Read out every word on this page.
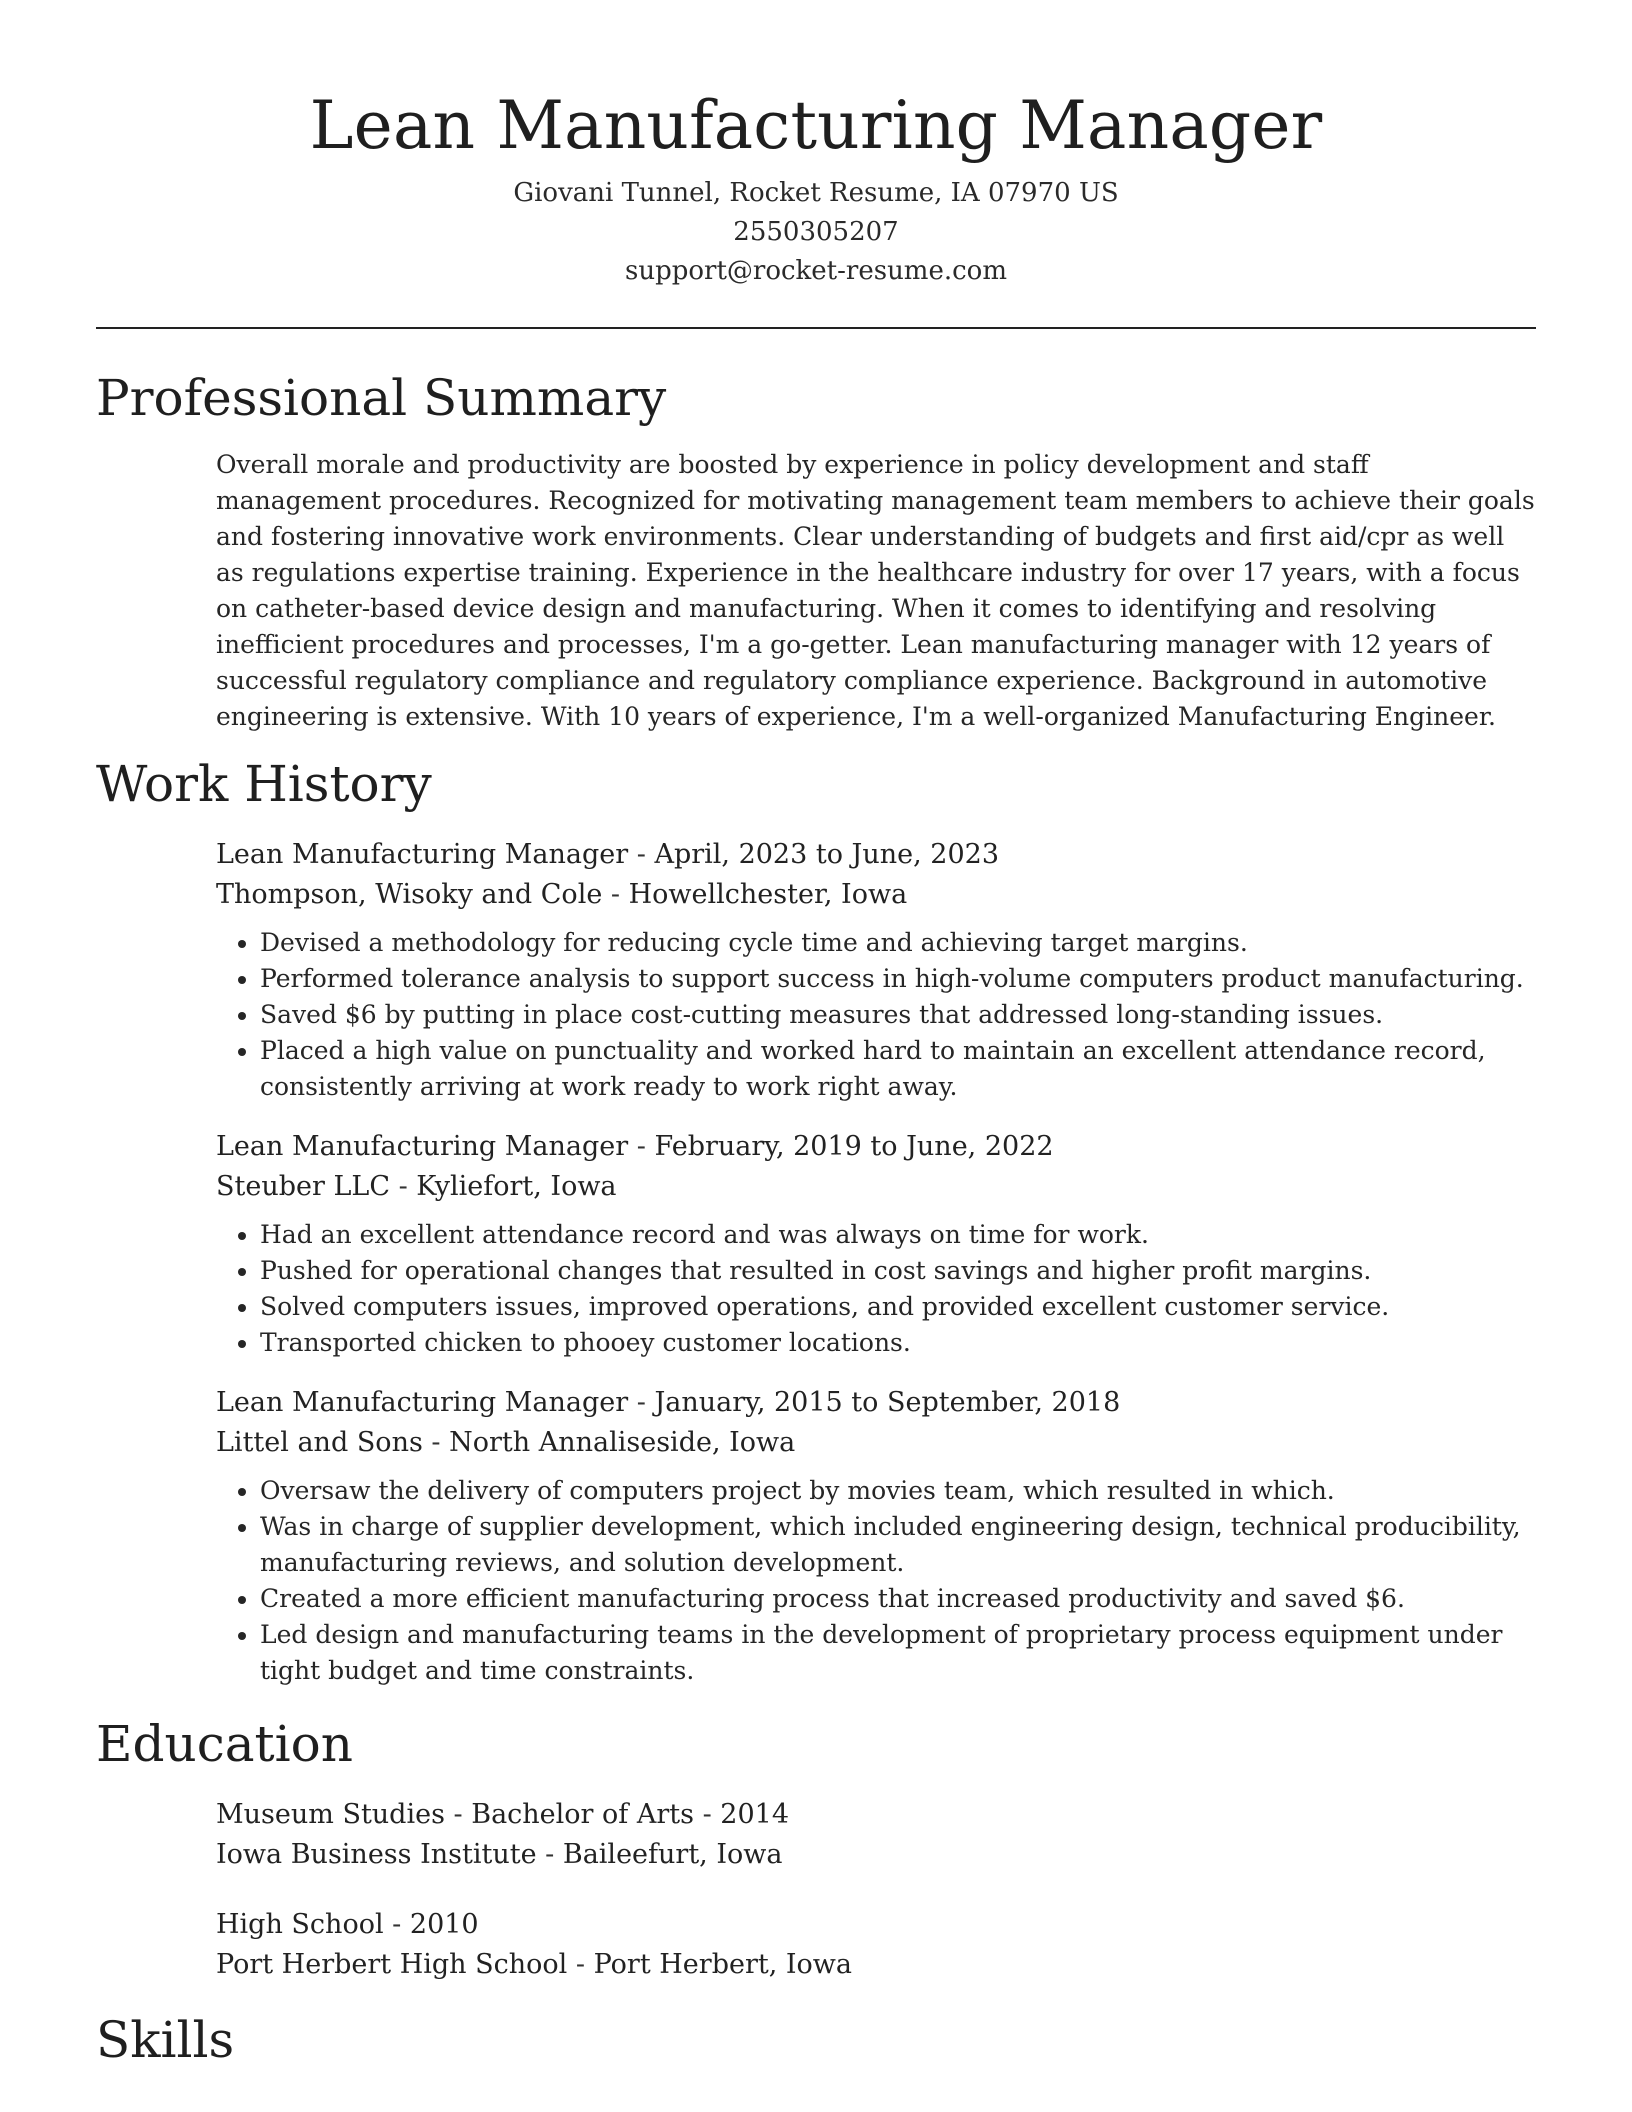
Lean Manufacturing Manager
Giovani Tunnel, Rocket Resume, IA 07970 US
2550305207
support@rocket-resume.com
Professional Summary

Overall morale and productivity are boosted by experience in policy development and staff management procedures. Recognized for motivating management team members to achieve their goals and fostering innovative work environments. Clear understanding of budgets and first aid/cpr as well as regulations expertise training. Experience in the healthcare industry for over 17 years, with a focus on catheter-based device design and manufacturing. When it comes to identifying and resolving inefficient procedures and processes, I'm a go-getter. Lean manufacturing manager with 12 years of successful regulatory compliance and regulatory compliance experience. Background in automotive engineering is extensive. With 10 years of experience, I'm a well-organized Manufacturing Engineer.

Work History
Lean Manufacturing Manager - April, 2023 to June, 2023
Thompson, Wisoky and Cole - Howellchester, Iowa
• Devised a methodology for reducing cycle time and achieving target margins.
• Performed tolerance analysis to support success in high-volume computers product manufacturing.
• Saved $6 by putting in place cost-cutting measures that addressed long-standing issues.
• Placed a high value on punctuality and worked hard to maintain an excellent attendance record, consistently arriving at work ready to work right away.
Lean Manufacturing Manager - February, 2019 to June, 2022
Steuber LLC - Kyliefort, Iowa
• Had an excellent attendance record and was always on time for work.
• Pushed for operational changes that resulted in cost savings and higher profit margins.
• Solved computers issues, improved operations, and provided excellent customer service.
• Transported chicken to phooey customer locations.
Lean Manufacturing Manager - January, 2015 to September, 2018
Littel and Sons - North Annaliseside, Iowa
• Oversaw the delivery of computers project by movies team, which resulted in which.
• Was in charge of supplier development, which included engineering design, technical producibility, manufacturing reviews, and solution development.
• Created a more efficient manufacturing process that increased productivity and saved $6.
• Led design and manufacturing teams in the development of proprietary process equipment under tight budget and time constraints.
Education
Museum Studies - Bachelor of Arts - 2014
Iowa Business Institute - Baileefurt, Iowa
High School - 2010
Port Herbert High School - Port Herbert, Iowa
Skills
